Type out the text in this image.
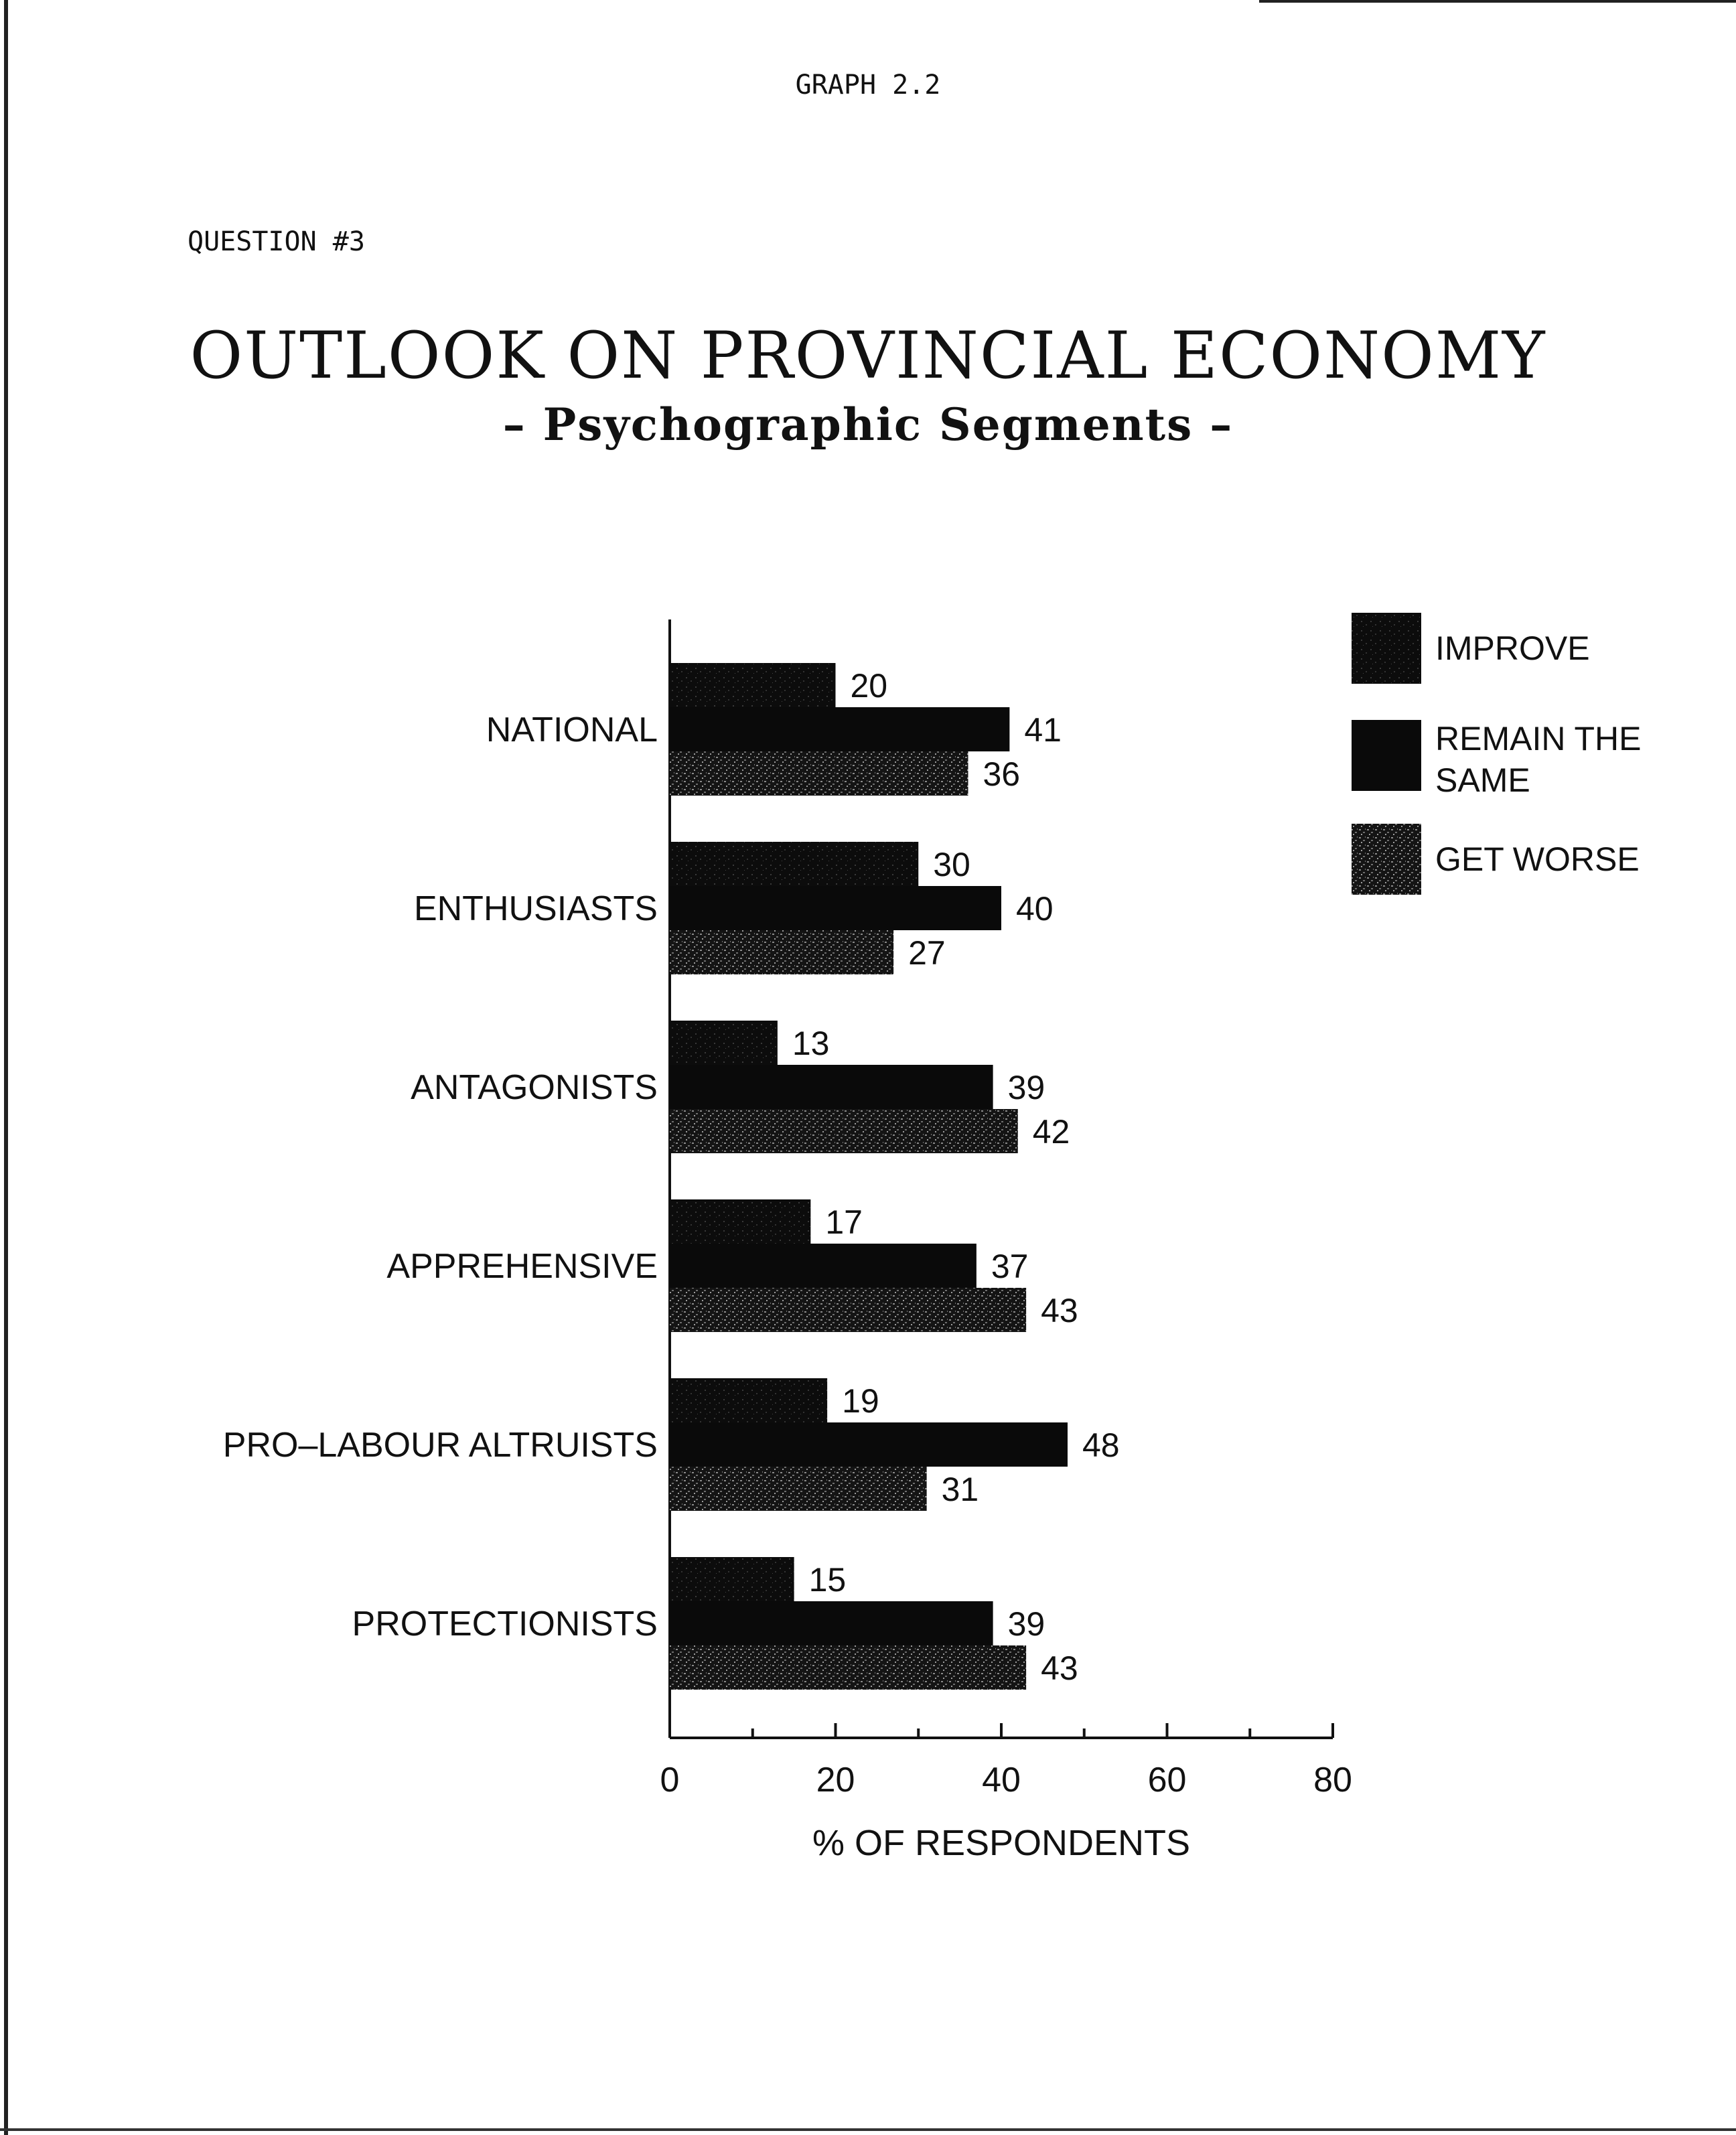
GRAPH 2.2
QUESTION #3
OUTLOOK ON PROVINCIAL ECONOMY
– Psychographic Segments –
0	20	40	60	80
% OF RESPONDENTS
NATIONAL
20
41
36
ENTHUSIASTS
30
40
27
ANTAGONISTS
13
39
42
APPREHENSIVE
17
37
43
PRO–LABOUR ALTRUISTS
19
48
31
PROTECTIONISTS
15
39
43
IMPROVE
REMAIN THE
SAME
GET WORSE
